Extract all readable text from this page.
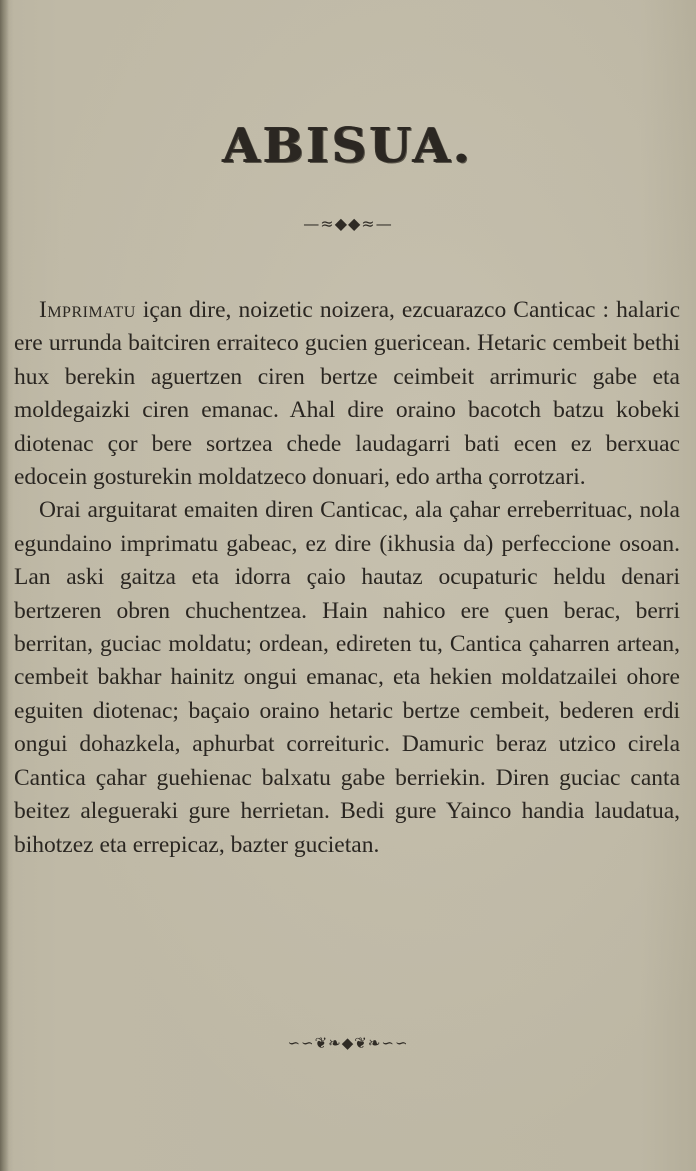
ABISUA.
—≈◆◆≈—

Imprimatu içan dire, noizetic noizera, ezcuarazco Canticac : halaric ere urrunda baitciren erraiteco gucien guericean. Hetaric cembeit bethi hux berekin aguertzen ciren bertze ceimbeit arrimuric gabe eta moldegaizki ciren emanac. Ahal dire oraino bacotch batzu kobeki diotenac çor bere sortzea chede laudagarri bati ecen ez berxuac edocein gosturekin moldatzeco donuari, edo artha çorrotzari.

Orai arguitarat emaiten diren Canticac, ala çahar erreberrituac, nola egundaino imprimatu gabeac, ez dire (ikhusia da) perfeccione osoan. Lan aski gaitza eta idorra çaio hautaz ocupaturic heldu denari bertzeren obren chuchentzea. Hain nahico ere çuen berac, berri berritan, guciac moldatu; ordean, edireten tu, Cantica çaharren artean, cembeit bakhar hainitz ongui emanac, eta hekien moldatzailei ohore eguiten diotenac; baçaio oraino hetaric bertze cembeit, bederen erdi ongui dohazkela, aphurbat correituric. Damuric beraz utzico cirela Cantica çahar guehienac balxatu gabe berriekin. Diren guciac canta beitez alegueraki gure herrietan. Bedi gure Yainco handia laudatua, bihotzez eta errepicaz, bazter gucietan.

∽∽❦❧◆❦❧∽∽
